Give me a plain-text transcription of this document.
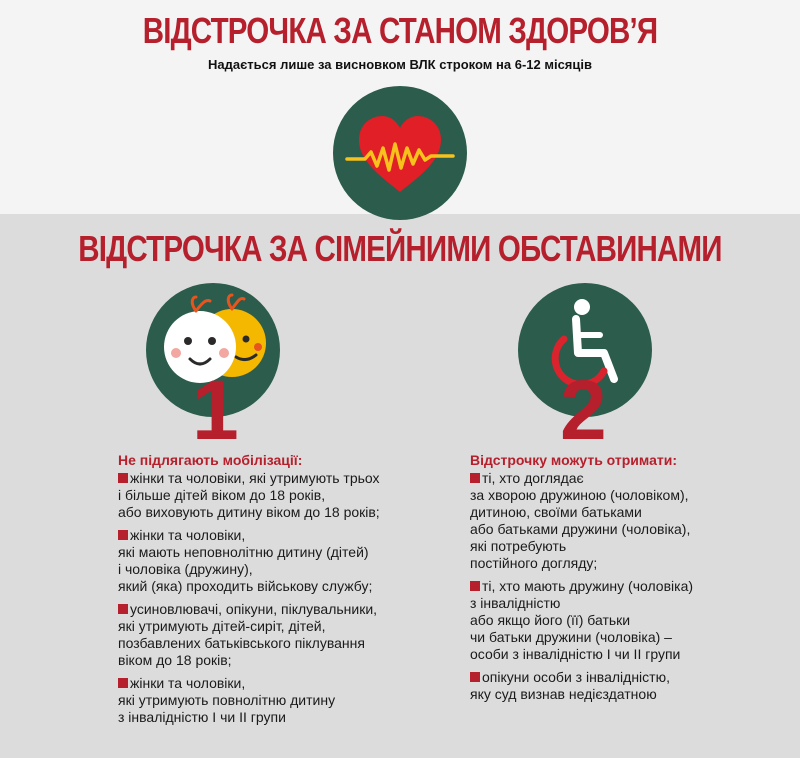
ВІДСТРОЧКА ЗА СТАНОМ ЗДОРОВ’Я
Надається лише за висновком ВЛК строком на 6-12 місяців
ВІДСТРОЧКА ЗА СІМЕЙНИМИ ОБСТАВИНАМИ
1	2
Не підлягають мобілізації:	Відстрочку можуть отримати:
жінки та чоловіки, які утримують трьох
і більше дітей віком до 18 років,
або виховують дитину віком до 18 років;
жінки та чоловіки,
які мають неповнолітню дитину (дітей)
і чоловіка (дружину),
який (яка) проходить військову службу;
усиновлювачі, опікуни, піклувальники,
які утримують дітей-сиріт, дітей,
позбавлених батьківського піклування
віком до 18 років;
жінки та чоловіки,
які утримують повнолітню дитину
з інвалідністю І чи ІІ групи
ті, хто доглядає
за хворою дружиною (чоловіком),
дитиною, своїми батьками
або батьками дружини (чоловіка),
які потребують
постійного догляду;
ті, хто мають дружину (чоловіка)
з інвалідністю
або якщо його (її) батьки
чи батьки дружини (чоловіка) –
особи з інвалідністю І чи ІІ групи
опікуни особи з інвалідністю,
яку суд визнав недієздатною
